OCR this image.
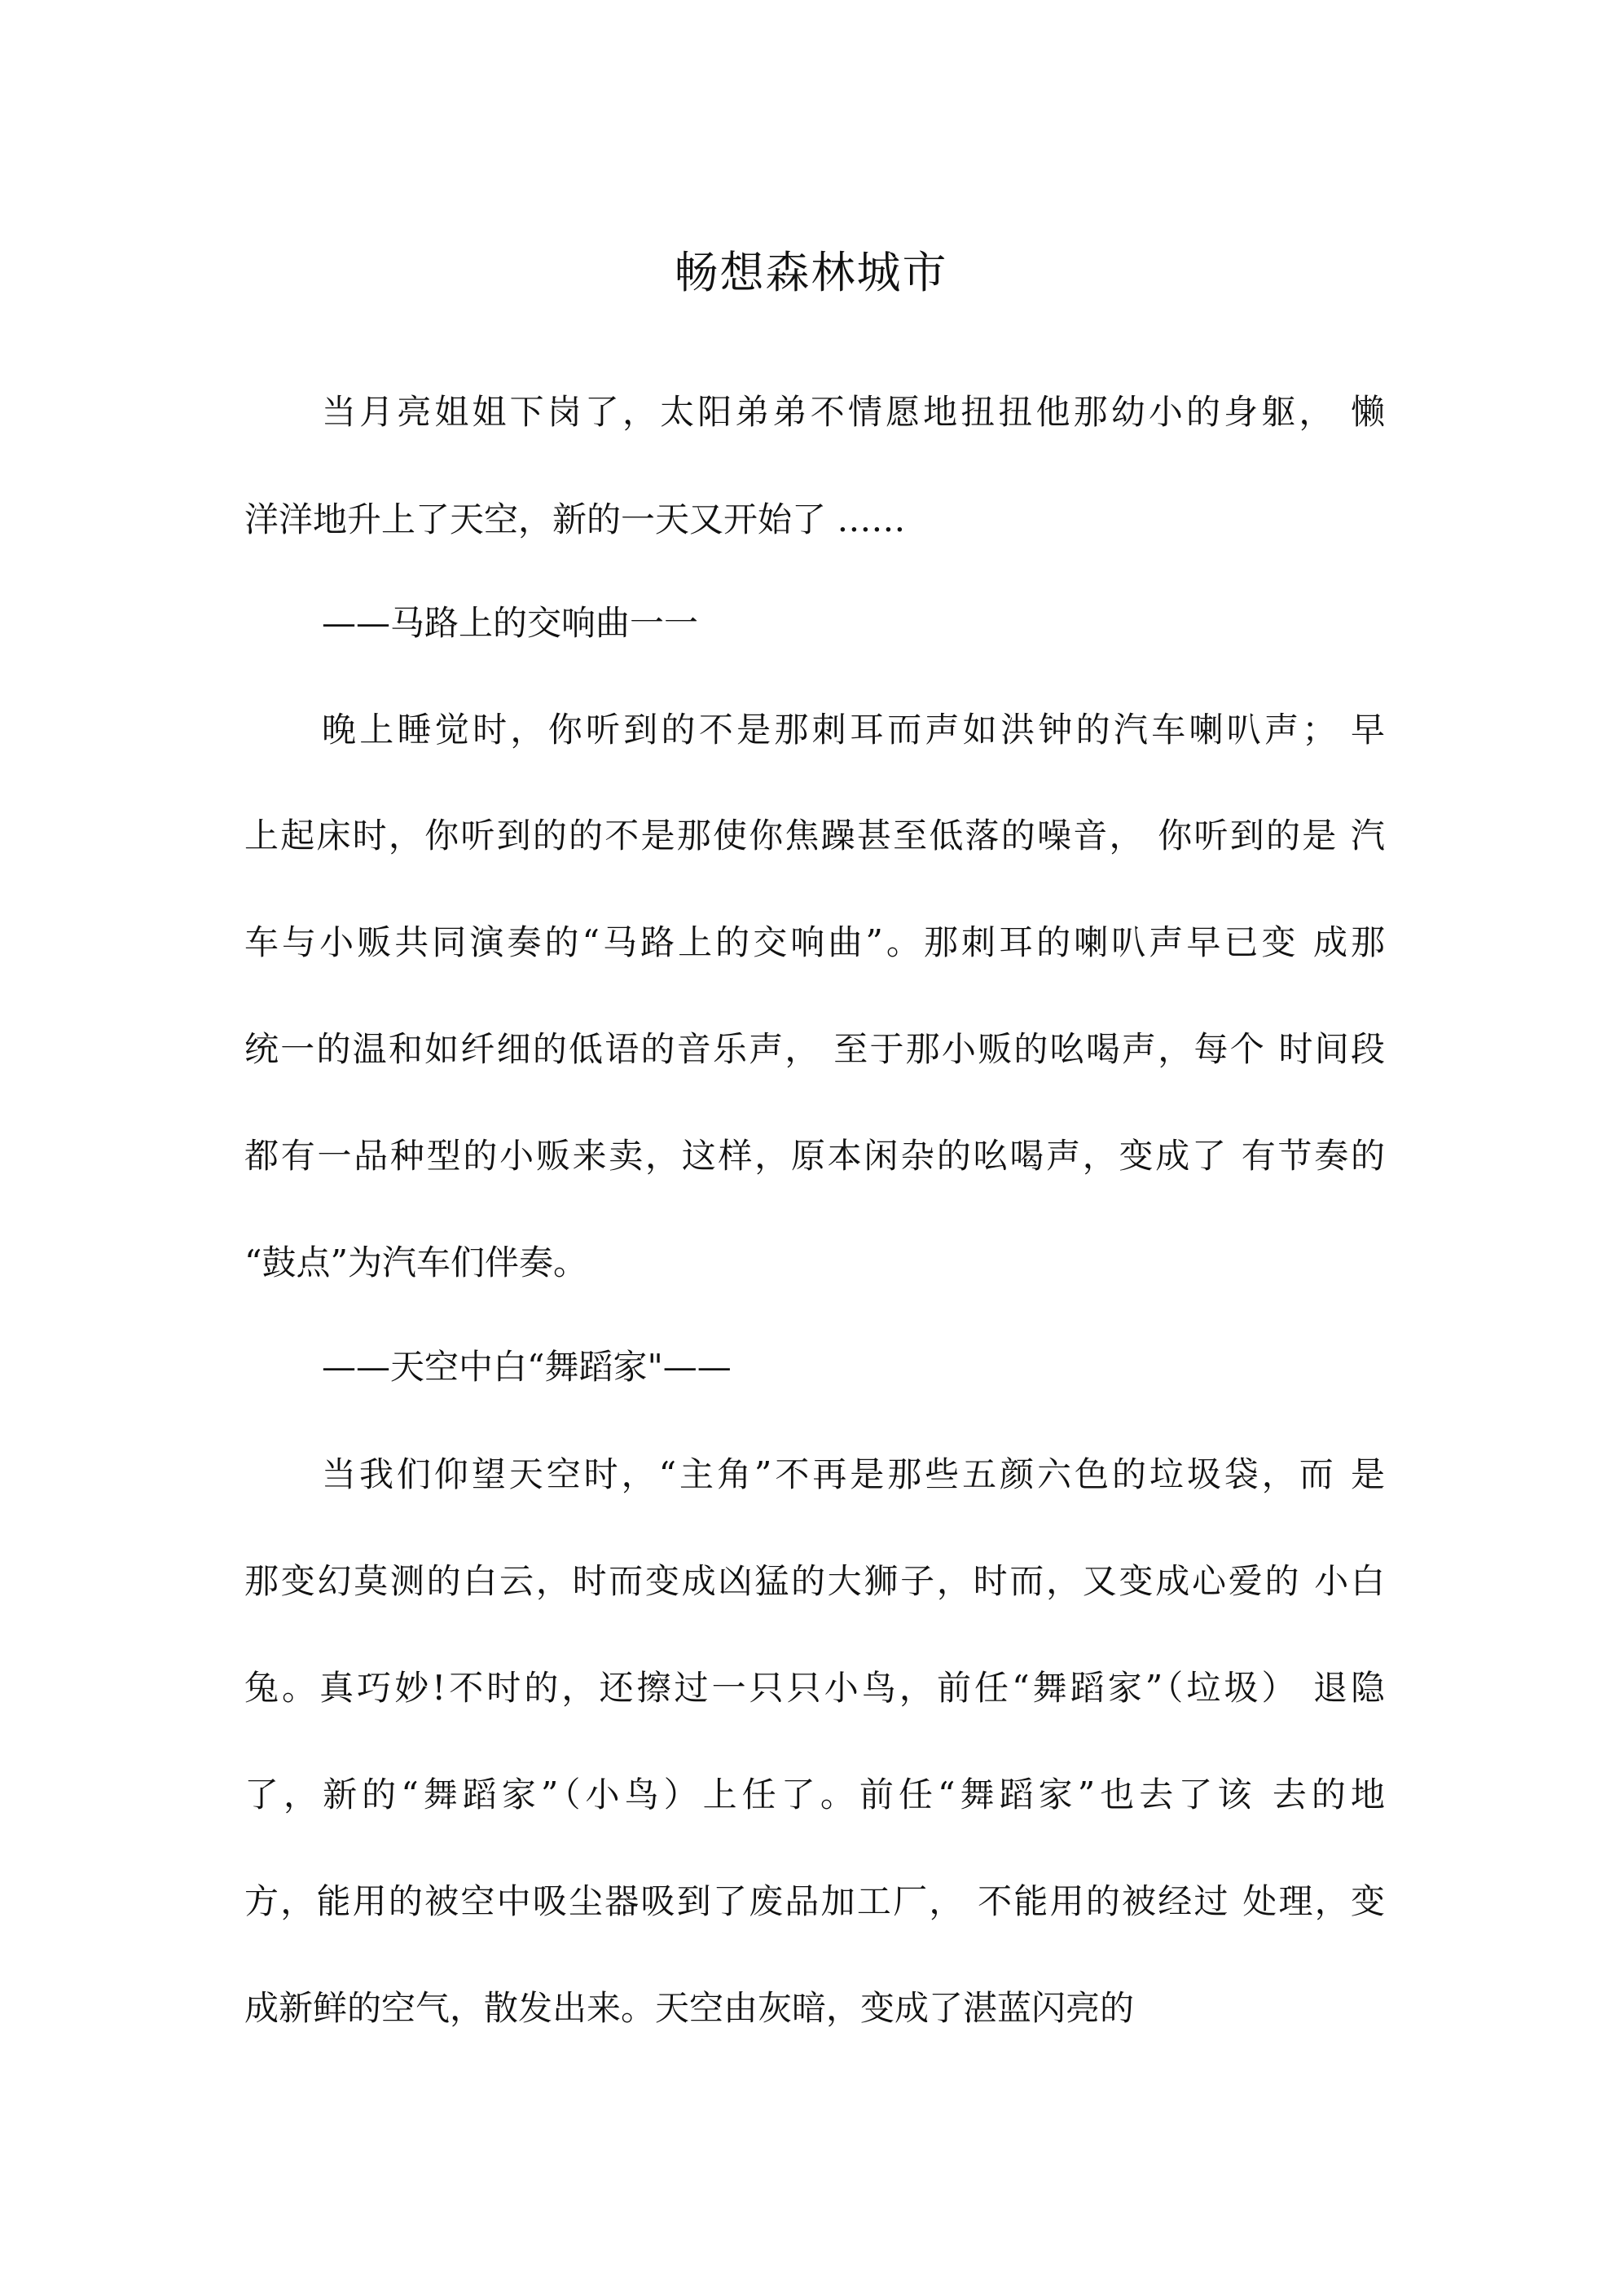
畅想森林城市

当月亮姐姐下岗了，太阳弟弟不情愿地扭扭他那幼小的身躯， 懒

洋洋地升上了天空，新的一天又开始了 ……

——马路上的交响曲一一

晚上睡觉时，你听到的不是那刺耳而声如洪钟的汽车喇叭声； 早

上起床时，你听到的的不是那使你焦躁甚至低落的噪音， 你听到的是 汽

车与小贩共同演奏的“马路上的交响曲”。那刺耳的喇叭声早已变 成那

统一的温和如纤细的低语的音乐声， 至于那小贩的吆喝声，每个 时间段

都有一品种型的小贩来卖，这样，原本闲杂的吆喝声，变成了 有节奏的

“鼓点”为汽车们伴奏。

——天空中白“舞蹈家"——

当我们仰望天空时，“主角”不再是那些五颜六色的垃圾袋，而 是

那变幻莫测的白云，时而变成凶猛的大狮子，时而，又变成心爱的 小白

兔。真巧妙!不时的，还擦过一只只小鸟，前任“舞蹈家”（垃圾） 退隐

了，新的“舞蹈家”（小鸟）上任了。前任“舞蹈家”也去了该 去的地

方，能用的被空中吸尘器吸到了废品加工厂， 不能用的被经过 处理，变

成新鲜的空气，散发出来。天空由灰暗，变成了湛蓝闪亮的
